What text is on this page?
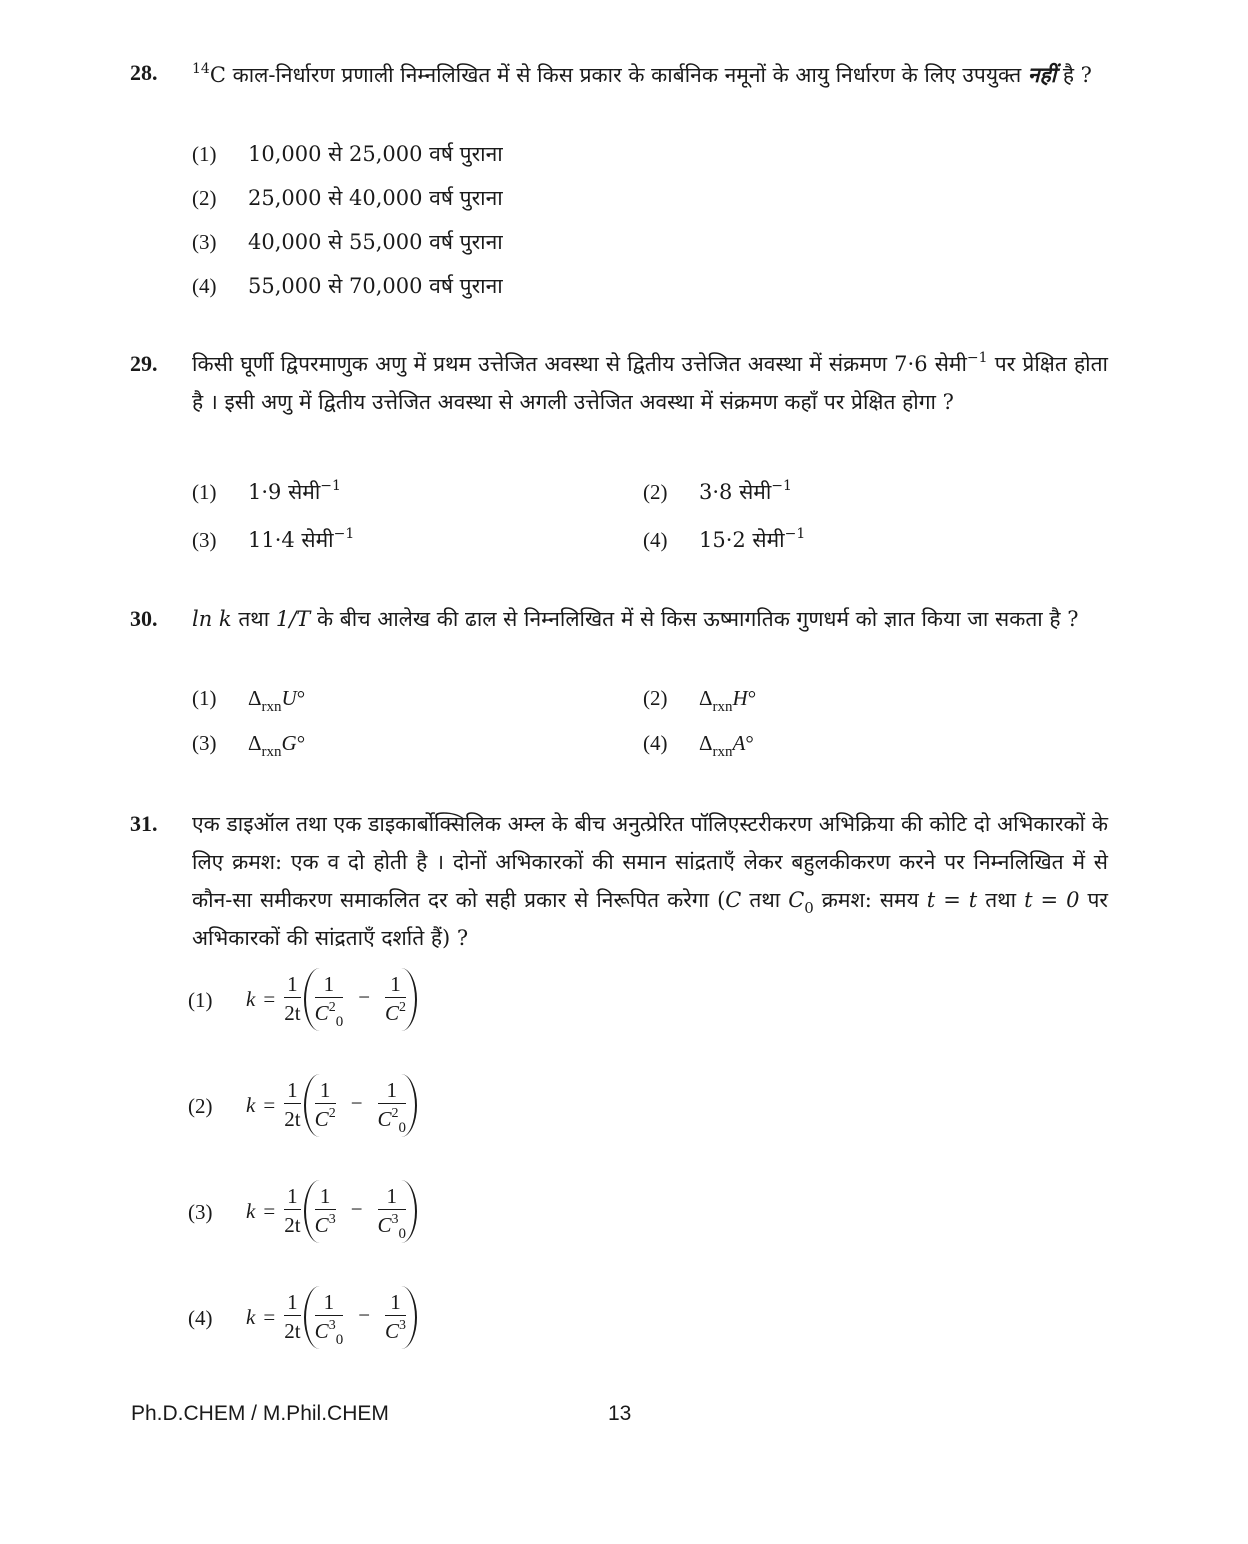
28. $^{14}$C काल-निर्धारण प्रणाली निम्नलिखित में से किस प्रकार के कार्बनिक नमूनों के आयु निर्धारण के लिए उपयुक्त नहीं है ?
(1) 10,000 से 25,000 वर्ष पुराना
(2) 25,000 से 40,000 वर्ष पुराना
(3) 40,000 से 55,000 वर्ष पुराना
(4) 55,000 से 70,000 वर्ष पुराना
29. किसी घूर्णी द्विपरमाणुक अणु में प्रथम उत्तेजित अवस्था से द्वितीय उत्तेजित अवस्था में संक्रमण 7·6 सेमी$^{-1}$ पर प्रेक्षित होता है । इसी अणु में द्वितीय उत्तेजित अवस्था से अगली उत्तेजित अवस्था में संक्रमण कहाँ पर प्रेक्षित होगा ?
(1) 1·9 सेमी$^{-1}$	(2) 3·8 सेमी$^{-1}$
(3) 11·4 सेमी$^{-1}$	(4) 15·2 सेमी$^{-1}$
30. ln k तथा 1/T के बीच आलेख की ढाल से निम्नलिखित में से किस ऊष्मागतिक गुणधर्म को ज्ञात किया जा सकता है ?
(1) $\Delta_{rxn}U^\circ$	(2) $\Delta_{rxn}H^\circ$
(3) $\Delta_{rxn}G^\circ$	(4) $\Delta_{rxn}A^\circ$
31. एक डाइऑल तथा एक डाइकार्बोक्सिलिक अम्ल के बीच अनुत्प्रेरित पॉलिएस्टरीकरण अभिक्रिया की कोटि दो अभिकारकों के लिए क्रमश: एक व दो होती है । दोनों अभिकारकों की समान सांद्रताएँ लेकर बहुलकीकरण करने पर निम्नलिखित में से कौन-सा समीकरण समाकलित दर को सही प्रकार से निरूपित करेगा (C तथा $C_0$ क्रमश: समय t = t तथा t = 0 पर अभिकारकों की सांद्रताएँ दर्शाते हैं) ?
(1) $k = \frac{1}{2t} \frac{1}{C^2_0} - \frac{1}{C^2}$
(2) $k = \frac{1}{2t} \frac{1}{C^2} - \frac{1}{C^2_0}$
(3) $k = \frac{1}{2t} \frac{1}{C^3} - \frac{1}{C^3_0}$
(4) $k = \frac{1}{2t} \frac{1}{C^3_0} - \frac{1}{C^3}$
Ph.D.CHEM / M.Phil.CHEM	13
